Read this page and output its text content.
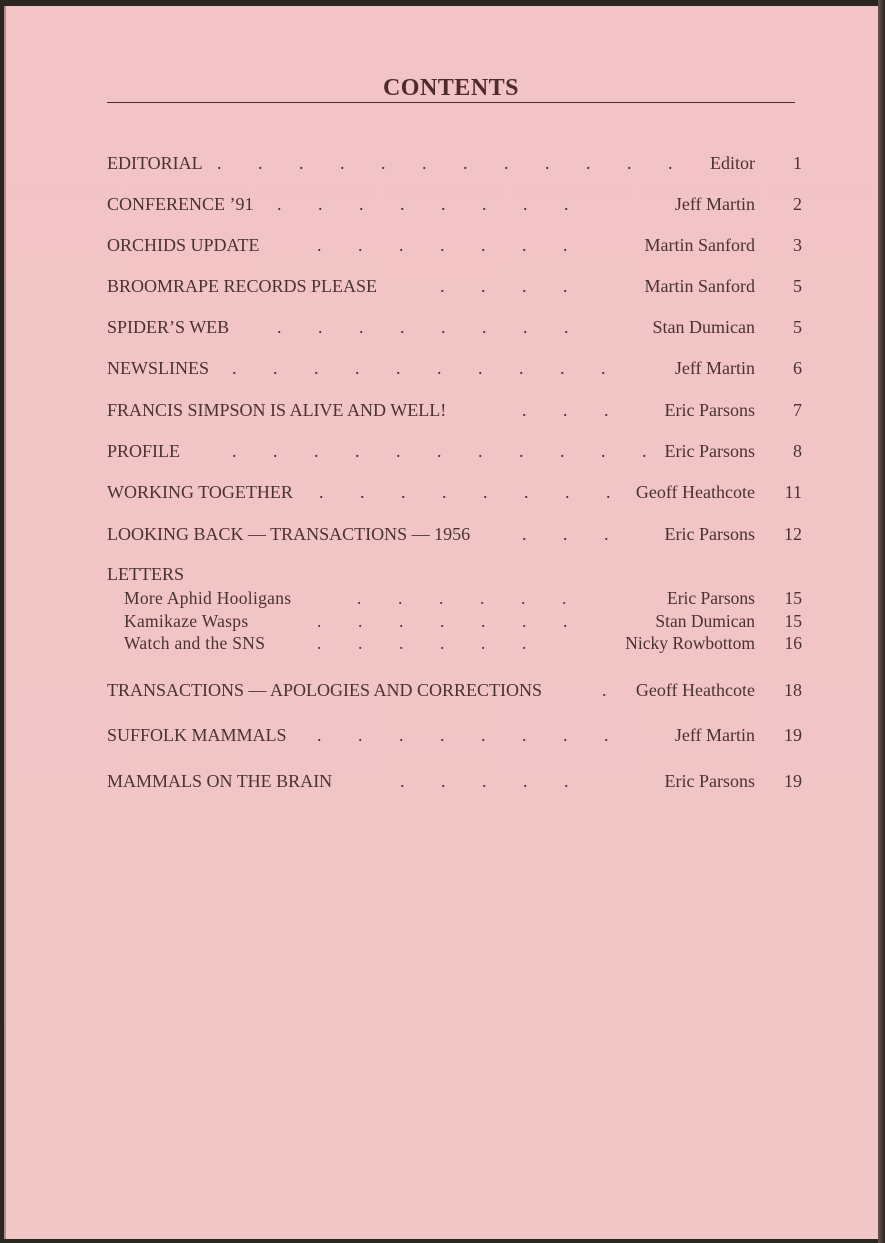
CONTENTS
EDITORIAL . . . . . . . . . . . . Editor	1
CONFERENCE ’91 . . . . . . . .	Jeff Martin	2
ORCHIDS UPDATE	. . . . . . .	Martin Sanford	3
BROOMRAPE RECORDS PLEASE	. . . .	Martin Sanford	5
SPIDER’S WEB	. . . . . . . .	Stan Dumican	5
NEWSLINES . . . . . . . . . .	Jeff Martin	6
FRANCIS SIMPSON IS ALIVE AND WELL!	. . .	Eric Parsons	7
PROFILE	. . . . . . . . . . . Eric Parsons	8
WORKING TOGETHER . . . . . . . . Geoff Heathcote	11
LOOKING BACK — TRANSACTIONS — 1956	. . .	Eric Parsons	12
LETTERS
More Aphid Hooligans	. . . . . .	Eric Parsons	15
Kamikaze Wasps	. . . . . . .	Stan Dumican	15
Watch and the SNS	. . . . . .	Nicky Rowbottom	16
TRANSACTIONS — APOLOGIES AND CORRECTIONS	. Geoff Heathcote	18
SUFFOLK MAMMALS . . . . . . . .	Jeff Martin	19
MAMMALS ON THE BRAIN	. . . . .	Eric Parsons	19
